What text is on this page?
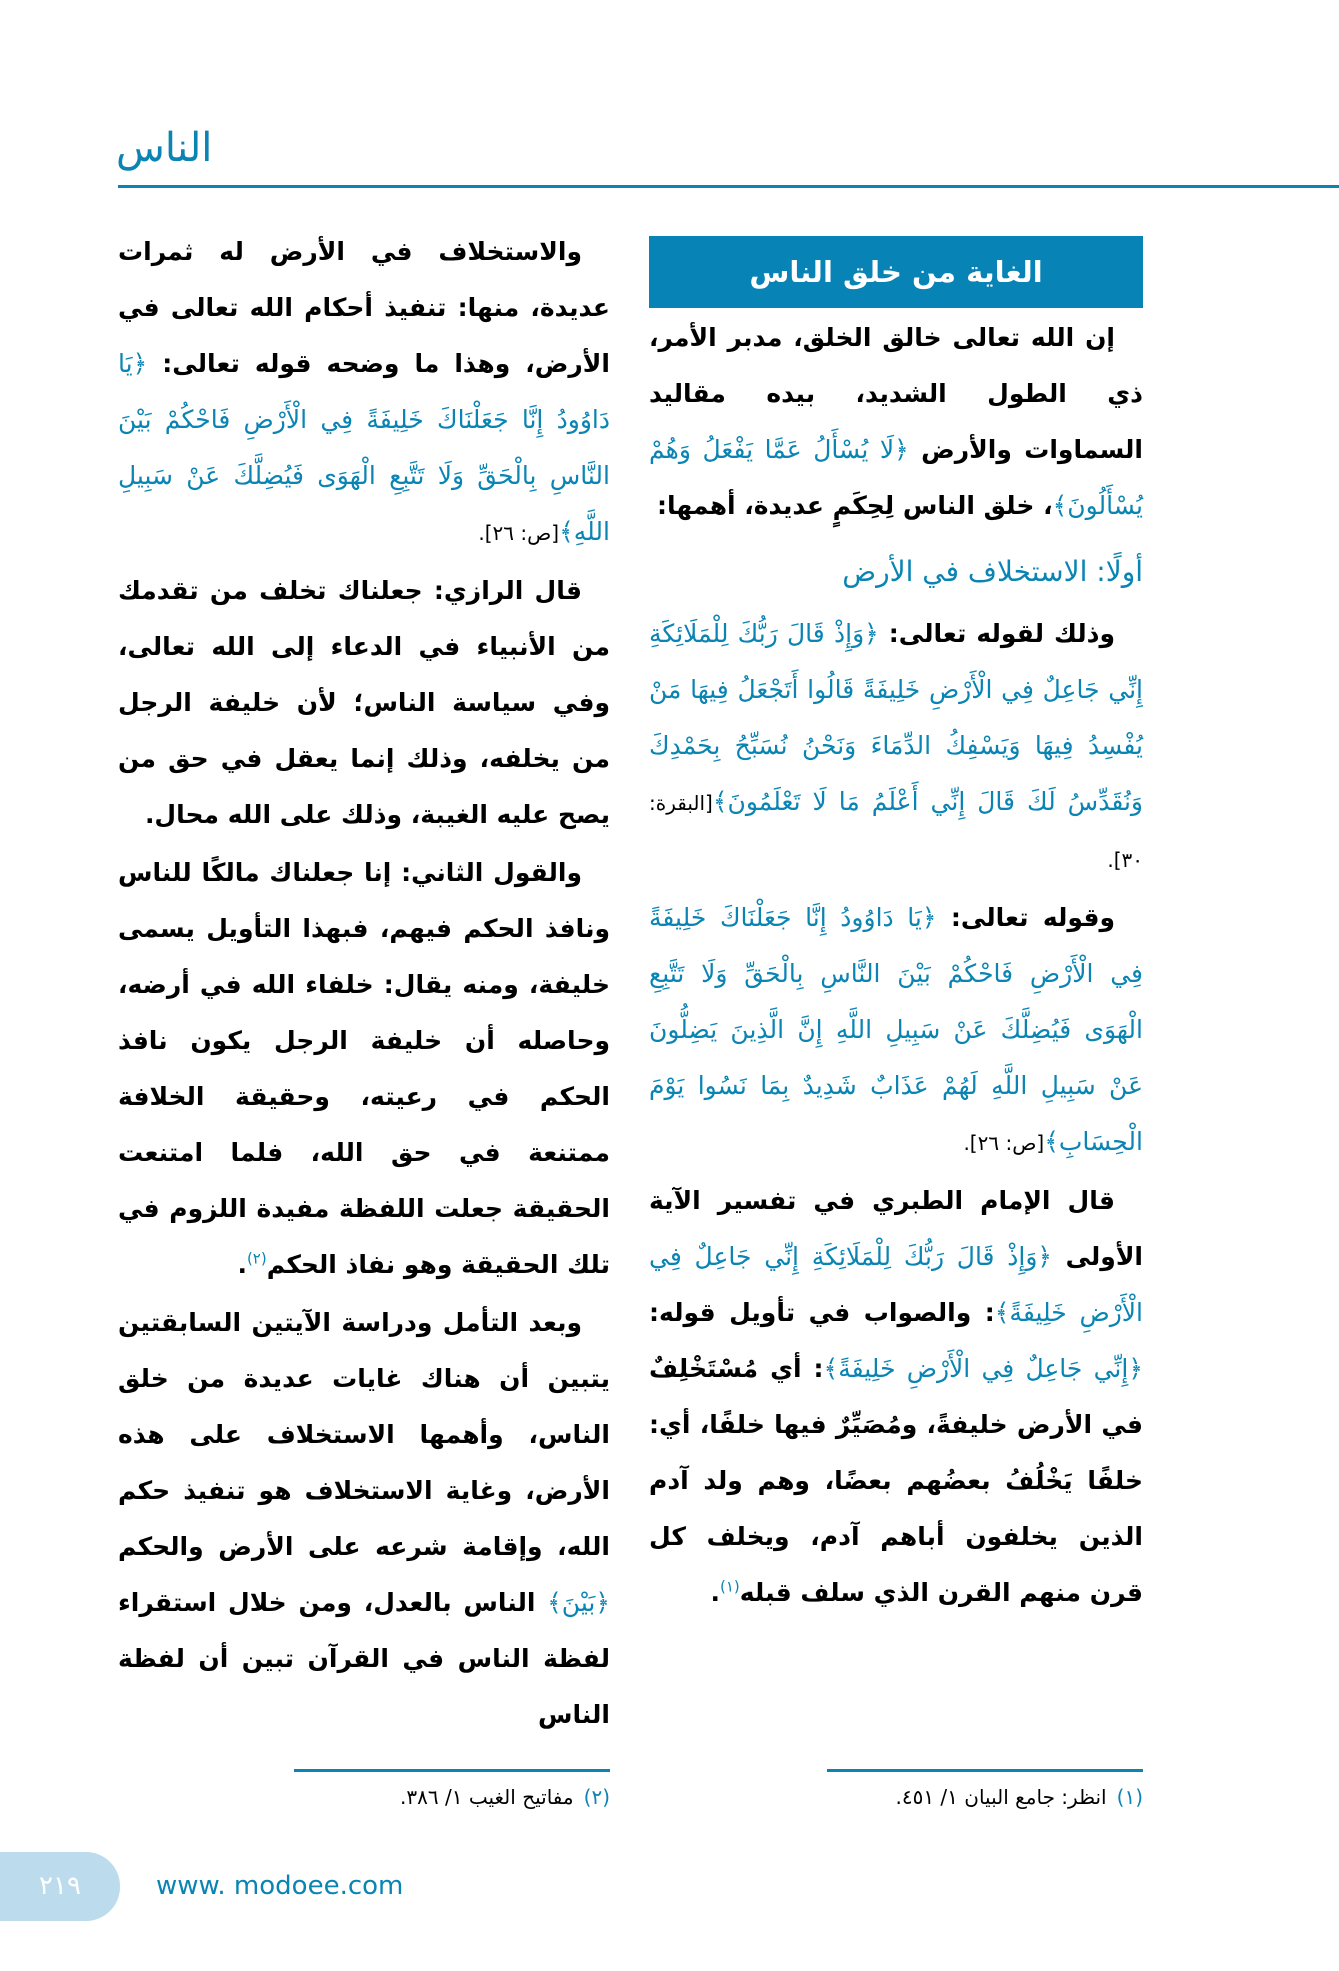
الناس
الغاية من خلق الناس

إن الله تعالى خالق الخلق، مدبر الأمر، ذي الطول الشديد، بيده مقاليد السماوات والأرض ﴿لَا يُسْأَلُ عَمَّا يَفْعَلُ وَهُمْ يُسْأَلُونَ﴾، خلق الناس لِحِكَمٍ عديدة، أهمها:

أولًا: الاستخلاف في الأرض

وذلك لقوله تعالى: ﴿وَإِذْ قَالَ رَبُّكَ لِلْمَلَائِكَةِ إِنِّي جَاعِلٌ فِي الْأَرْضِ خَلِيفَةً قَالُوا أَتَجْعَلُ فِيهَا مَنْ يُفْسِدُ فِيهَا وَيَسْفِكُ الدِّمَاءَ وَنَحْنُ نُسَبِّحُ بِحَمْدِكَ وَنُقَدِّسُ لَكَ قَالَ إِنِّي أَعْلَمُ مَا لَا تَعْلَمُونَ﴾[البقرة: ٣٠].

وقوله تعالى: ﴿يَا دَاوُودُ إِنَّا جَعَلْنَاكَ خَلِيفَةً فِي الْأَرْضِ فَاحْكُمْ بَيْنَ النَّاسِ بِالْحَقِّ وَلَا تَتَّبِعِ الْهَوَى فَيُضِلَّكَ عَنْ سَبِيلِ اللَّهِ إِنَّ الَّذِينَ يَضِلُّونَ عَنْ سَبِيلِ اللَّهِ لَهُمْ عَذَابٌ شَدِيدٌ بِمَا نَسُوا يَوْمَ الْحِسَابِ﴾[ص: ٢٦].

قال الإمام الطبري في تفسير الآية الأولى ﴿وَإِذْ قَالَ رَبُّكَ لِلْمَلَائِكَةِ إِنِّي جَاعِلٌ فِي الْأَرْضِ خَلِيفَةً﴾: والصواب في تأويل قوله: ﴿إِنِّي جَاعِلٌ فِي الْأَرْضِ خَلِيفَةً﴾: أي مُسْتَخْلِفٌ في الأرض خليفةً، ومُصَيِّرٌ فيها خلفًا، أي: خلفًا يَخْلُفُ بعضُهم بعضًا، وهم ولد آدم الذين يخلفون أباهم آدم، ويخلف كل قرن منهم القرن الذي سلف قبله$^{(١)}$.

(١)انظر: جامع البيان ١/ ٤٥١.

والاستخلاف في الأرض له ثمرات عديدة، منها: تنفيذ أحكام الله تعالى في الأرض، وهذا ما وضحه قوله تعالى: ﴿يَا دَاوُودُ إِنَّا جَعَلْنَاكَ خَلِيفَةً فِي الْأَرْضِ فَاحْكُمْ بَيْنَ النَّاسِ بِالْحَقِّ وَلَا تَتَّبِعِ الْهَوَى فَيُضِلَّكَ عَنْ سَبِيلِ اللَّهِ﴾[ص: ٢٦].

قال الرازي: جعلناك تخلف من تقدمك من الأنبياء في الدعاء إلى الله تعالى، وفي سياسة الناس؛ لأن خليفة الرجل من يخلفه، وذلك إنما يعقل في حق من يصح عليه الغيبة، وذلك على الله محال.

والقول الثاني: إنا جعلناك مالكًا للناس ونافذ الحكم فيهم، فبهذا التأويل يسمى خليفة، ومنه يقال: خلفاء الله في أرضه، وحاصله أن خليفة الرجل يكون نافذ الحكم في رعيته، وحقيقة الخلافة ممتنعة في حق الله، فلما امتنعت الحقيقة جعلت اللفظة مفيدة اللزوم في تلك الحقيقة وهو نفاذ الحكم$^{(٢)}$.

وبعد التأمل ودراسة الآيتين السابقتين يتبين أن هناك غايات عديدة من خلق الناس، وأهمها الاستخلاف على هذه الأرض، وغاية الاستخلاف هو تنفيذ حكم الله، وإقامة شرعه على الأرض والحكم ﴿بَيْنَ﴾ الناس بالعدل، ومن خلال استقراء لفظة الناس في القرآن تبين أن لفظة الناس

(٢)مفاتيح الغيب ١/ ٣٨٦.
٢١٩	www. modoee.com
